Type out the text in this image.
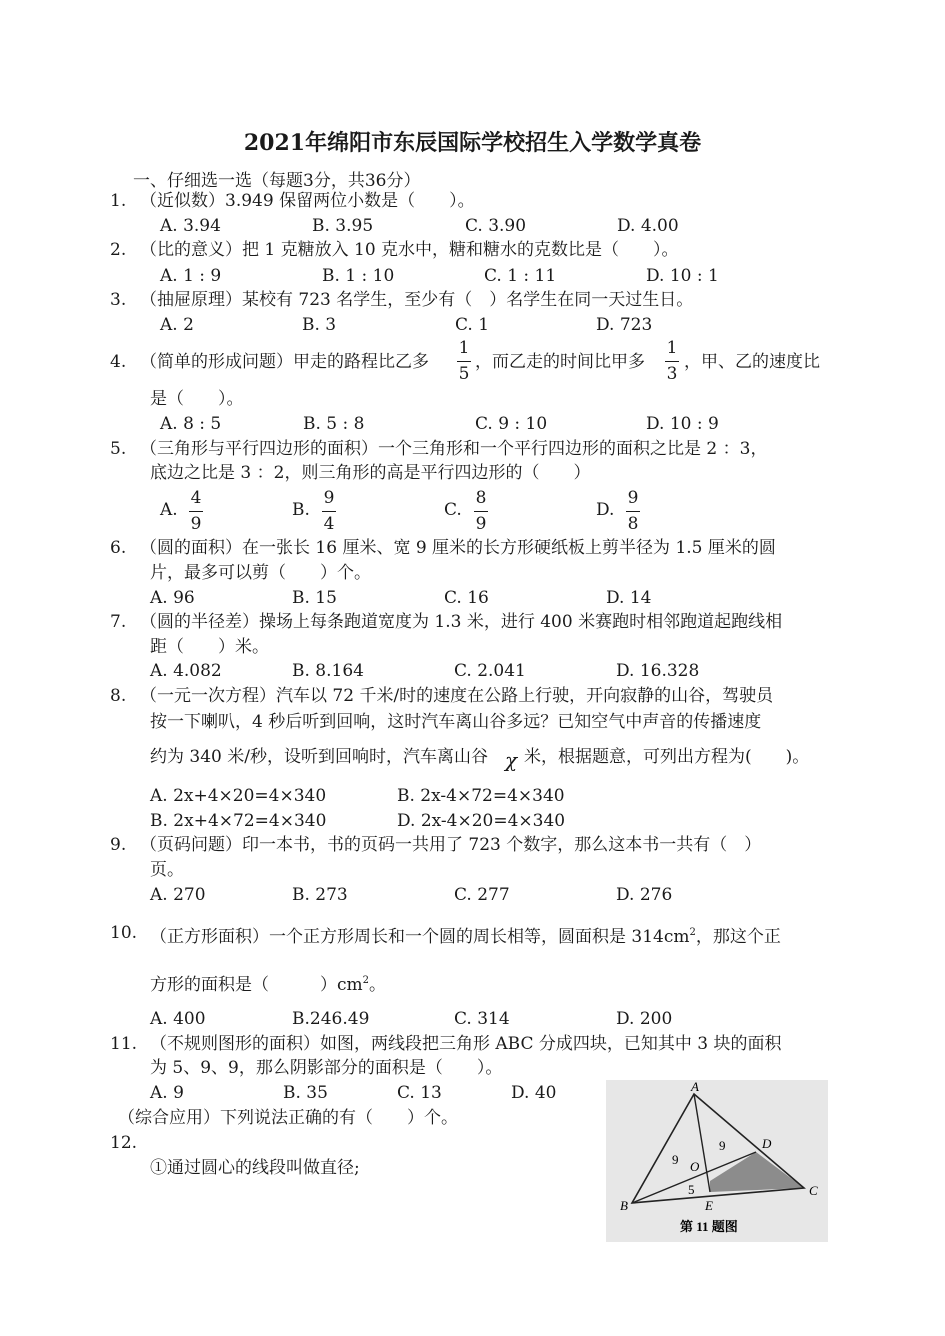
2021年绵阳市东辰国际学校招生入学数学真卷
一、仔细选一选（每题3分，共36分）
1. （近似数）3.949 保留两位小数是（　　）。
A. 3.94	B. 3.95	C. 3.90	D. 4.00
2. （比的意义）把 1 克糖放入 10 克水中，糖和糖水的克数比是（　　）。
A. 1 : 9	B. 1 : 10	C. 1 : 11	D. 10 : 1
3. （抽屉原理）某校有 723 名学生，至少有（　）名学生在同一天过生日。
A. 2	B. 3	C. 1	D. 723
4. （简单的形成问题）甲走的路程比乙多
1
5
，而乙走的时间比甲多
1
3
，甲、乙的速度比
是（　　）。
A. 8 : 5	B. 5 : 8	C. 9 : 10	D. 10 : 9
5. （三角形与平行四边形的面积）一个三角形和一个平行四边形的面积之比是 2 ：3，
底边之比是 3 ：2，则三角形的高是平行四边形的（　　）
A.
4
9
B.
9
4
C.
8
9
D.
9
8
6. （圆的面积）在一张长 16 厘米、宽 9 厘米的长方形硬纸板上剪半径为 1.5 厘米的圆
片，最多可以剪（　　）个。
A. 96	B. 15	C. 16	D. 14
7. （圆的半径差）操场上每条跑道宽度为 1.3 米，进行 400 米赛跑时相邻跑道起跑线相
距（　　）米。
A. 4.082	B. 8.164	C. 2.041	D. 16.328
8. （一元一次方程）汽车以 72 千米/时的速度在公路上行驶，开向寂静的山谷，驾驶员
按一下喇叭，4 秒后听到回响，这时汽车离山谷多远？已知空气中声音的传播速度
约为 340 米/秒，设听到回响时，汽车离山谷 χ 米，根据题意，可列出方程为(　　)。
A. 2x+4×20=4×340	B. 2x-4×72=4×340
B. 2x+4×72=4×340	D. 2x-4×20=4×340
9. （页码问题）印一本书，书的页码一共用了 723 个数字，那么这本书一共有（　）
页。
A. 270	B. 273	C. 277	D. 276
10. （正方形面积）一个正方形周长和一个圆的周长相等，圆面积是 $314cm^2$，那这个正
方形的面积是（　　　）$cm^2$。
A. 400	B.246.49	C. 314	D. 200
11. （不规则图形的面积）如图，两线段把三角形 ABC 分成四块，已知其中 3 块的面积
为 5、9、9，那么阴影部分的面积是（　　）。
A. 9	B. 35	C. 13	D. 40
（综合应用）下列说法正确的有（　　）个。
12.
①通过圆心的线段叫做直径;
A
B
C
D
E
O
9
9
5
第 11 题图
